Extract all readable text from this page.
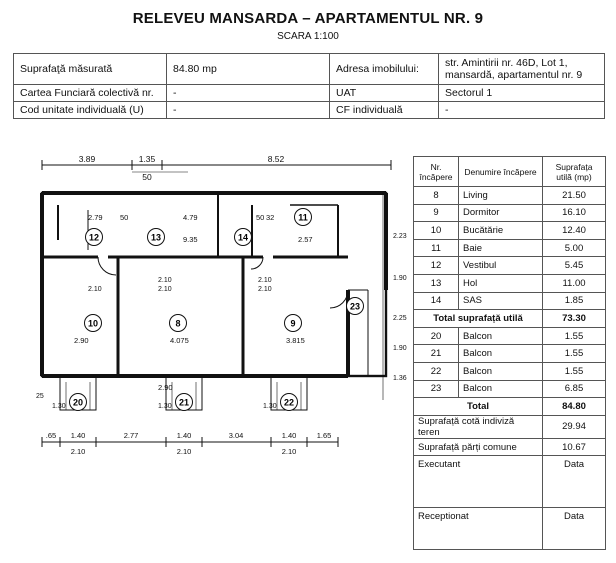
RELEVEU MANSARDA – APARTAMENTUL NR. 9
SCARA 1:100
Suprafaţă măsurată	84.80 mp	Adresa imobilului:	str. Amintirii nr. 46D, Lot 1, mansardă, apartamentul nr. 9
Cartea Funciară colectivă nr.	-	UAT	Sectorul 1
Cod unitate individuală (U)	-	CF individuală	-
Nr. încăpere	Denumire încăpere	Suprafața utilă (mp)
8	Living	21.50
9	Dormitor	16.10
10	Bucătărie	12.40
11	Baie	5.00
12	Vestibul	5.45
13	Hol	11.00
14	SAS	1.85
Total suprafață utilă		73.30
20	Balcon	1.55
21	Balcon	1.55
22	Balcon	1.55
23	Balcon	6.85
Total		84.80
Suprafață cotă indiviză teren		29.94
Suprafață părți comune		10.67
Executant		Data
Receptionat		Data
3.89	1.35	8.52
50
2.79 50	4.79	50 32
9.35	2.57
2.90
2.90	4.075	3.815
2.10
2.10
2.10
2.10
2.10
25
1.30	1.30	1.30
2.23
1.90
2.25
1.90
1.36
.65 1.40	2.77	1.40	3.04	1.40	1.65
2.10	2.10	2.10
12	13	14
11
10	8	9
23
20	21	22
